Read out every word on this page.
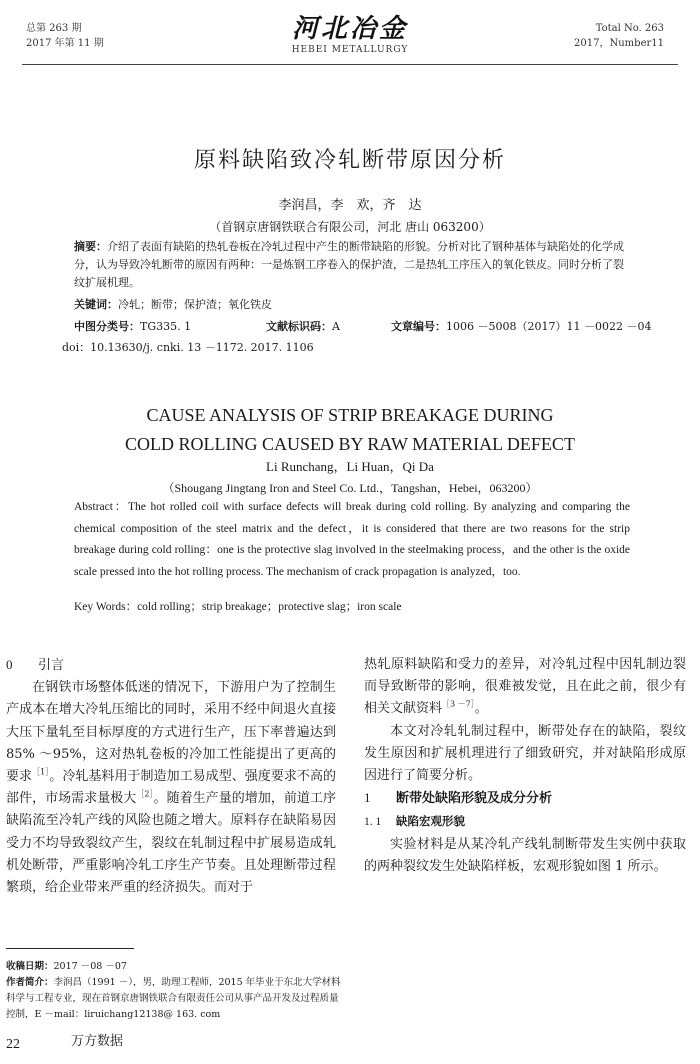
总第 263 期
2017 年第 11 期	河北冶金
HEBEI METALLURGY
Total No. 263
2017，Number11
原料缺陷致冷轧断带原因分析
李润昌，李　欢，齐　达
（首钢京唐钢铁联合有限公司，河北 唐山 063200）
摘要：介绍了表面有缺陷的热轧卷板在冷轧过程中产生的断带缺陷的形貌。分析对比了钢种基体与缺陷处的化学成分，认为导致冷轧断带的原因有两种：一是炼钢工序卷入的保护渣，二是热轧工序压入的氧化铁皮。同时分析了裂纹扩展机理。
关键词：冷轧；断带；保护渣；氧化铁皮
中图分类号：TG335. 1	文献标识码：A	文章编号：1006 －5008（2017）11 －0022 －04
doi：10.13630/j. cnki. 13 －1172. 2017. 1106
CAUSE ANALYSIS OF STRIP BREAKAGE DURING
COLD ROLLING CAUSED BY RAW MATERIAL DEFECT
Li Runchang，Li Huan，Qi Da
（Shougang Jingtang Iron and Steel Co. Ltd.，Tangshan，Hebei，063200）
Abstract：The hot rolled coil with surface defects will break during cold rolling. By analyzing and comparing the chemical composition of the steel matrix and the defect，it is considered that there are two reasons for the strip breakage during cold rolling：one is the protective slag involved in the steelmaking process，and the other is the oxide scale pressed into the hot rolling process. The mechanism of crack propagation is analyzed，too.
Key Words：cold rolling；strip breakage；protective slag；iron scale
0 引言

在钢铁市场整体低迷的情况下，下游用户为了控制生产成本在增大冷轧压缩比的同时，采用不经中间退火直接大压下量轧至目标厚度的方式进行生产，压下率普遍达到 85% ～95%，这对热轧卷板的冷加工性能提出了更高的要求$^{[1]}$。冷轧基料用于制造加工易成型、强度要求不高的部件，市场需求量极大$^{[2]}$。随着生产量的增加，前道工序缺陷流至冷轧产线的风险也随之增大。原料存在缺陷易因受力不均导致裂纹产生，裂纹在轧制过程中扩展易造成轧机处断带，严重影响冷轧工序生产节奏。且处理断带过程繁琐，给企业带来严重的经济损失。而对于

热轧原料缺陷和受力的差异，对冷轧过程中因轧制边裂而导致断带的影响，很难被发觉，且在此之前，很少有相关文献资料$^{[3 -7]}$。

本文对冷轧轧制过程中，断带处存在的缺陷，裂纹发生原因和扩展机理进行了细致研究，并对缺陷形成原因进行了简要分析。

1 断带处缺陷形貌及成分分析
1. 1 缺陷宏观形貌

实验材料是从某冷轧产线轧制断带发生实例中获取的两种裂纹发生处缺陷样板，宏观形貌如图 1 所示。

收稿日期：2017 －08 －07
作者简介：李润昌（1991 －），男，助理工程师，2015 年毕业于东北大学材料科学与工程专业，现在首钢京唐钢铁联合有限责任公司从事产品开发及过程质量控制，E －mail：liruichang12138@ 163. com
22	万方数据
